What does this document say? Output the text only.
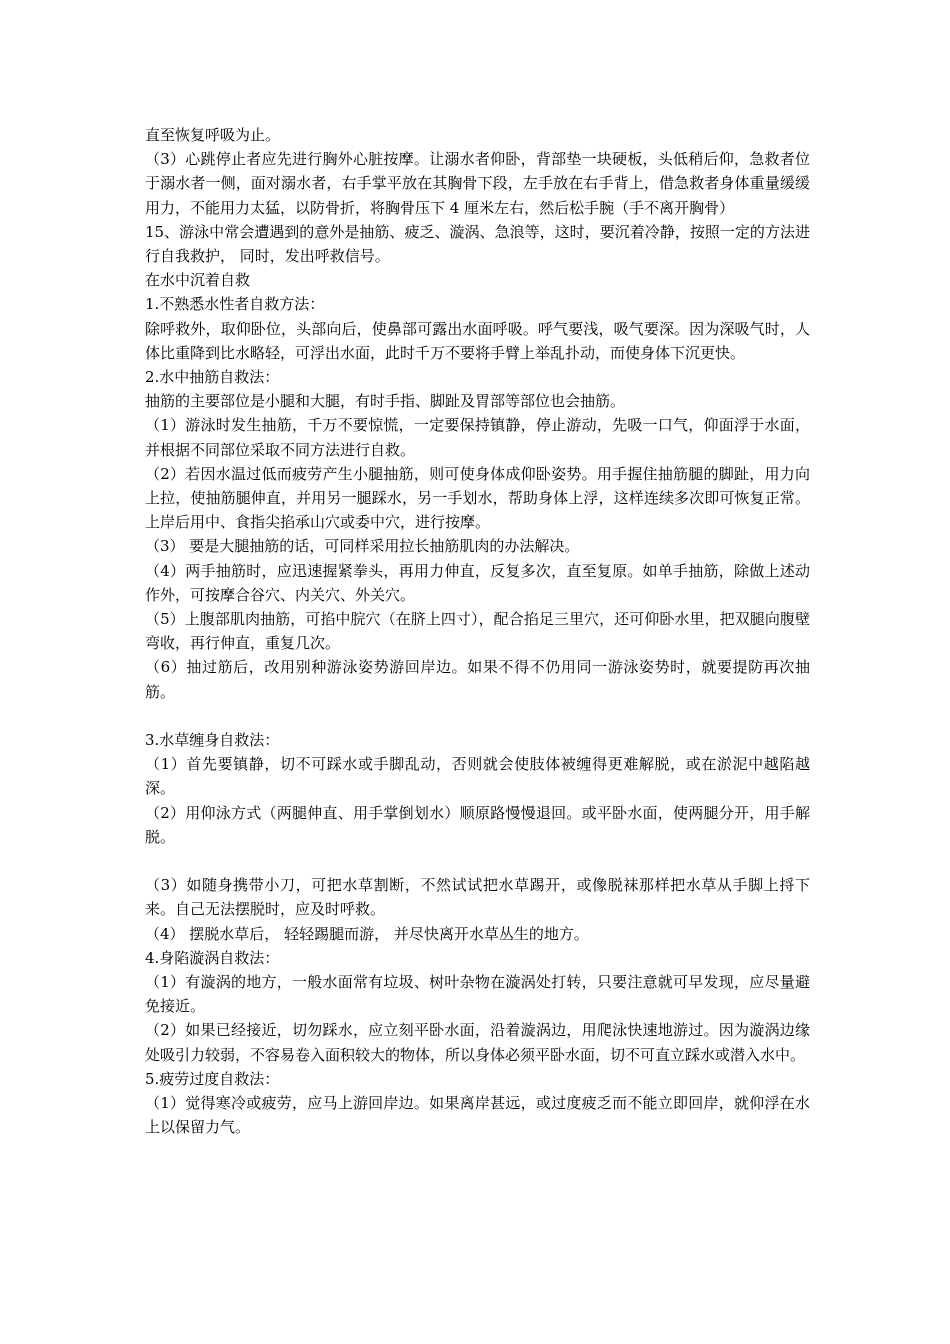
直至恢复呼吸为止。

（3）心跳停止者应先进行胸外心脏按摩。让溺水者仰卧，背部垫一块硬板，头低稍后仰，急救者位于溺水者一侧，面对溺水者，右手掌平放在其胸骨下段，左手放在右手背上，借急救者身体重量缓缓用力，不能用力太猛，以防骨折，将胸骨压下 4 厘米左右，然后松手腕（手不离开胸骨）

15、游泳中常会遭遇到的意外是抽筋、疲乏、漩涡、急浪等，这时，要沉着冷静，按照一定的方法进行自我救护， 同时，发出呼救信号。

在水中沉着自救

1.不熟悉水性者自救方法：

除呼救外，取仰卧位，头部向后，使鼻部可露出水面呼吸。呼气要浅，吸气要深。因为深吸气时，人体比重降到比水略轻，可浮出水面，此时千万不要将手臂上举乱扑动，而使身体下沉更快。

2.水中抽筋自救法：

抽筋的主要部位是小腿和大腿，有时手指、脚趾及胃部等部位也会抽筋。

（1）游泳时发生抽筋，千万不要惊慌，一定要保持镇静，停止游动，先吸一口气，仰面浮于水面， 并根据不同部位采取不同方法进行自救。

（2）若因水温过低而疲劳产生小腿抽筋，则可使身体成仰卧姿势。用手握住抽筋腿的脚趾，用力向上拉，使抽筋腿伸直，并用另一腿踩水，另一手划水，帮助身体上浮，这样连续多次即可恢复正常。上岸后用中、食指尖掐承山穴或委中穴，进行按摩。

（3） 要是大腿抽筋的话，可同样采用拉长抽筋肌肉的办法解决。

（4）两手抽筋时，应迅速握紧拳头，再用力伸直，反复多次，直至复原。如单手抽筋，除做上述动作外，可按摩合谷穴、内关穴、外关穴。

（5）上腹部肌肉抽筋，可掐中脘穴（在脐上四寸），配合掐足三里穴，还可仰卧水里，把双腿向腹壁弯收，再行伸直，重复几次。

（6）抽过筋后，改用别种游泳姿势游回岸边。如果不得不仍用同一游泳姿势时，就要提防再次抽筋。

3.水草缠身自救法：

（1）首先要镇静，切不可踩水或手脚乱动，否则就会使肢体被缠得更难解脱，或在淤泥中越陷越深。

（2）用仰泳方式（两腿伸直、用手掌倒划水）顺原路慢慢退回。或平卧水面，使两腿分开，用手解脱。

（3）如随身携带小刀，可把水草割断，不然试试把水草踢开，或像脱袜那样把水草从手脚上捋下来。自己无法摆脱时，应及时呼救。

（4） 摆脱水草后， 轻轻踢腿而游， 并尽快离开水草丛生的地方。

4.身陷漩涡自救法：

（1）有漩涡的地方，一般水面常有垃圾、树叶杂物在漩涡处打转，只要注意就可早发现，应尽量避免接近。

（2）如果已经接近，切勿踩水，应立刻平卧水面，沿着漩涡边，用爬泳快速地游过。因为漩涡边缘处吸引力较弱，不容易卷入面积较大的物体，所以身体必须平卧水面，切不可直立踩水或潜入水中。

5.疲劳过度自救法：

（1）觉得寒冷或疲劳，应马上游回岸边。如果离岸甚远，或过度疲乏而不能立即回岸，就仰浮在水上以保留力气。
